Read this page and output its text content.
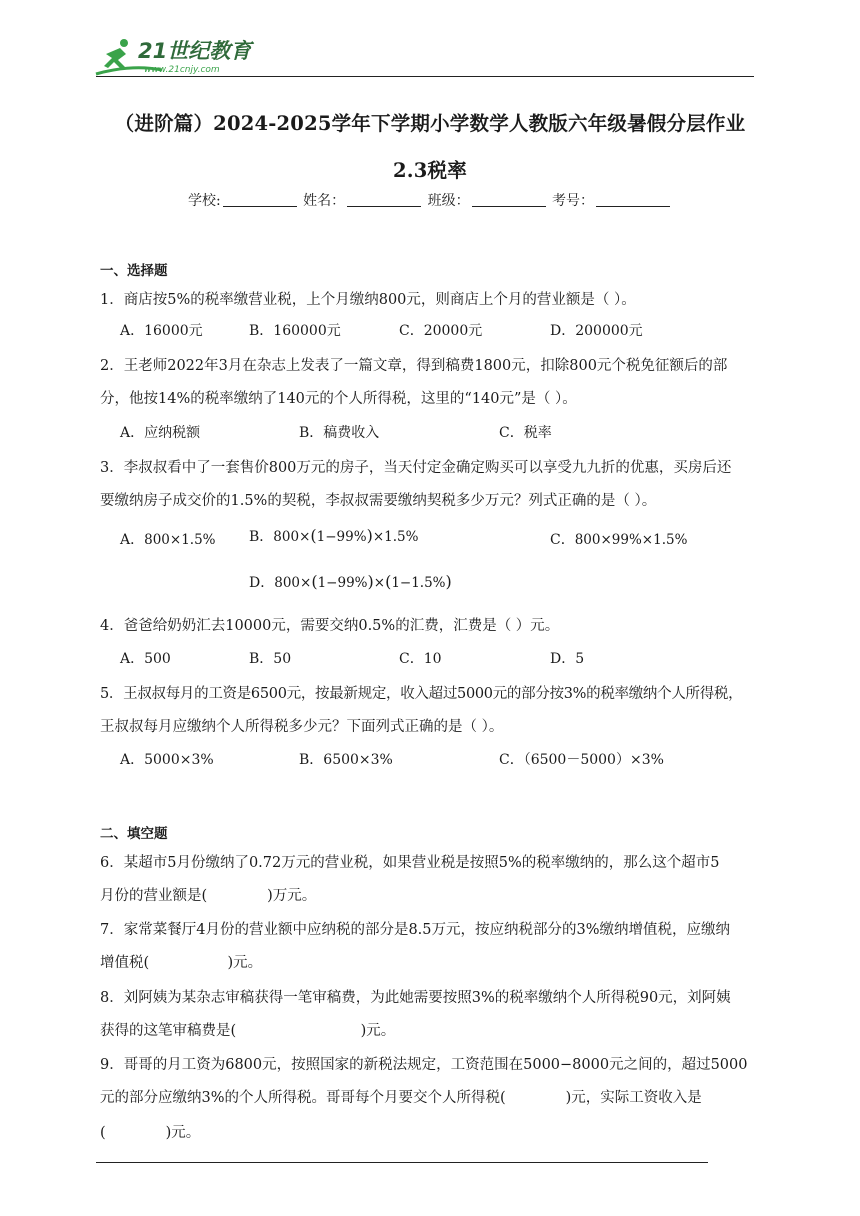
21世纪教育
www.21cnjy.com
（进阶篇）2024-2025学年下学期小学数学人教版六年级暑假分层作业
2.3税率
学校:	姓名：	班级：	考号：
一、选择题
1．商店按5%的税率缴营业税，上个月缴纳800元，则商店上个月的营业额是（ ）。
A．16000元	B．160000元	C．20000元	D．200000元
2．王老师2022年3月在杂志上发表了一篇文章，得到稿费1800元，扣除800元个税免征额后的部
分，他按14%的税率缴纳了140元的个人所得税，这里的“140元”是（ ）。
A．应纳税额	B．稿费收入	C．税率
3．李叔叔看中了一套售价800万元的房子，当天付定金确定购买可以享受九九折的优惠，买房后还
要缴纳房子成交价的1.5%的契税，李叔叔需要缴纳契税多少万元？列式正确的是（ ）。
A．800×1.5% B．800×(1−99%)×1.5%	C．800×99%×1.5%
D．800×(1−99%)×(1−1.5%)
4．爸爸给奶奶汇去10000元，需要交纳0.5%的汇费，汇费是（ ）元。
A．500	B．50	C．10	D．5
5．王叔叔每月的工资是6500元，按最新规定，收入超过5000元的部分按3%的税率缴纳个人所得税，
王叔叔每月应缴纳个人所得税多少元？下面列式正确的是（ ）。
A．5000×3%	B．6500×3%	C．（6500－5000）×3%
二、填空题
6．某超市5月份缴纳了0.72万元的营业税，如果营业税是按照5%的税率缴纳的，那么这个超市5
月份的营业额是(             )万元。
7．家常菜餐厅4月份的营业额中应纳税的部分是8.5万元，按应纳税部分的3%缴纳增值税，应缴纳
增值税(                 )元。
8．刘阿姨为某杂志审稿获得一笔审稿费，为此她需要按照3%的税率缴纳个人所得税90元，刘阿姨
获得的这笔审稿费是(                           )元。
9．哥哥的月工资为6800元，按照国家的新税法规定，工资范围在5000−8000元之间的，超过5000
元的部分应缴纳3%的个人所得税。哥哥每个月要交个人所得税(             )元，实际工资收入是
(             )元。
